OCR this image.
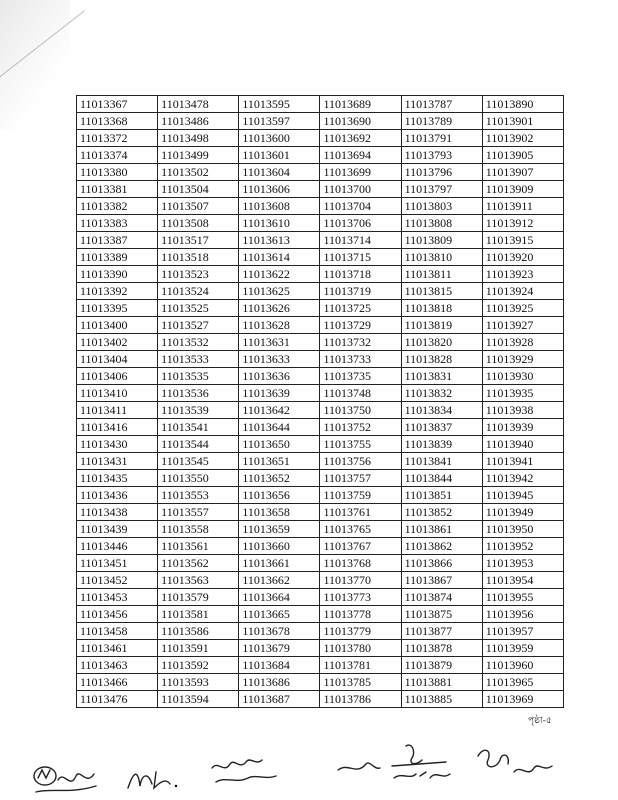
11013367	11013478	11013595	11013689	11013787	11013890
11013368	11013486	11013597	11013690	11013789	11013901
11013372	11013498	11013600	11013692	11013791	11013902
11013374	11013499	11013601	11013694	11013793	11013905
11013380	11013502	11013604	11013699	11013796	11013907
11013381	11013504	11013606	11013700	11013797	11013909
11013382	11013507	11013608	11013704	11013803	11013911
11013383	11013508	11013610	11013706	11013808	11013912
11013387	11013517	11013613	11013714	11013809	11013915
11013389	11013518	11013614	11013715	11013810	11013920
11013390	11013523	11013622	11013718	11013811	11013923
11013392	11013524	11013625	11013719	11013815	11013924
11013395	11013525	11013626	11013725	11013818	11013925
11013400	11013527	11013628	11013729	11013819	11013927
11013402	11013532	11013631	11013732	11013820	11013928
11013404	11013533	11013633	11013733	11013828	11013929
11013406	11013535	11013636	11013735	11013831	11013930
11013410	11013536	11013639	11013748	11013832	11013935
11013411	11013539	11013642	11013750	11013834	11013938
11013416	11013541	11013644	11013752	11013837	11013939
11013430	11013544	11013650	11013755	11013839	11013940
11013431	11013545	11013651	11013756	11013841	11013941
11013435	11013550	11013652	11013757	11013844	11013942
11013436	11013553	11013656	11013759	11013851	11013945
11013438	11013557	11013658	11013761	11013852	11013949
11013439	11013558	11013659	11013765	11013861	11013950
11013446	11013561	11013660	11013767	11013862	11013952
11013451	11013562	11013661	11013768	11013866	11013953
11013452	11013563	11013662	11013770	11013867	11013954
11013453	11013579	11013664	11013773	11013874	11013955
11013456	11013581	11013665	11013778	11013875	11013956
11013458	11013586	11013678	11013779	11013877	11013957
11013461	11013591	11013679	11013780	11013878	11013959
11013463	11013592	11013684	11013781	11013879	11013960
11013466	11013593	11013686	11013785	11013881	11013965
11013476	11013594	11013687	11013786	11013885	11013969
পৃষ্ঠা-৫
